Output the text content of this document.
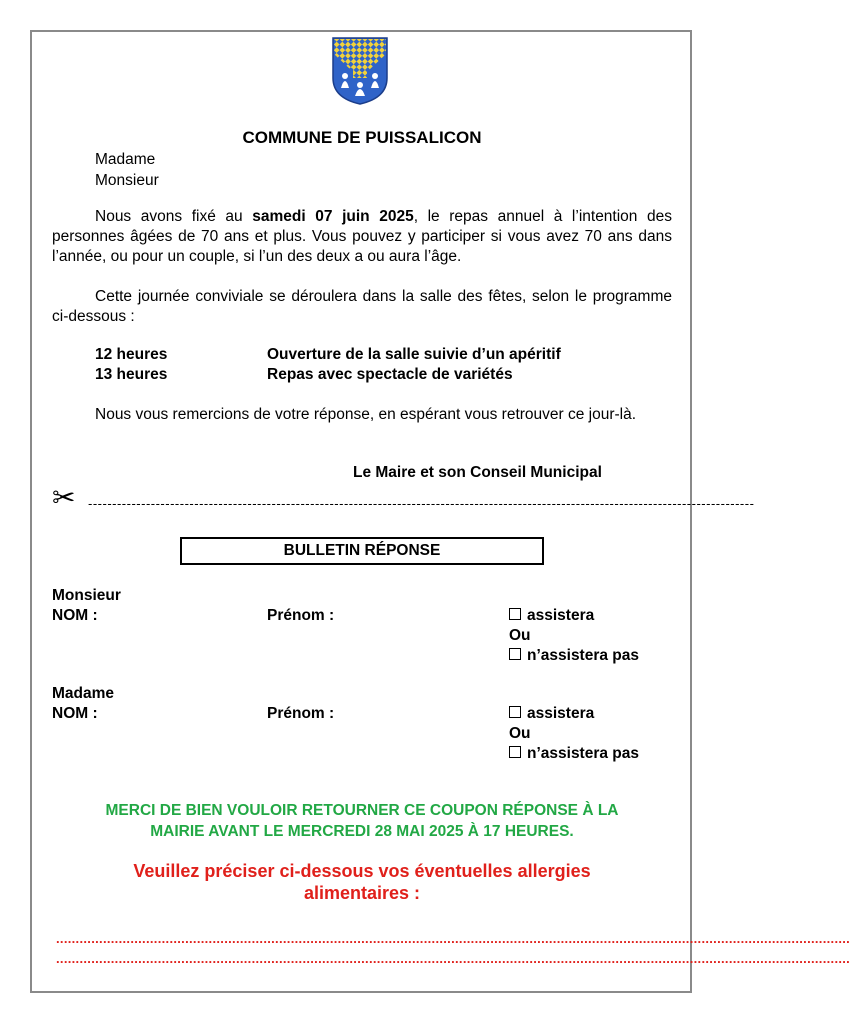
COMMUNE DE PUISSALICON
Madame
Monsieur
Nous avons fixé au samedi 07 juin 2025, le repas annuel à l’intention des personnes âgées de 70 ans et plus. Vous pouvez y participer si vous avez 70 ans dans l’année, ou pour un couple, si l’un des deux a ou aura l’âge.
Cette journée conviviale se déroulera dans la salle des fêtes, selon le programme ci-dessous :
12 heures	Ouverture de la salle suivie d’un apéritif
13 heures	Repas avec spectacle de variétés
Nous vous remercions de votre réponse, en espérant vous retrouver ce jour-là.
Le Maire et son Conseil Municipal
✂ ------------------------------------------------------------------------------------------------------------------------------------------
BULLETIN RÉPONSE
Monsieur
NOM :	Prénom :	assistera
Ou
n’assistera pas
Madame
NOM :	Prénom :	assistera
Ou
n’assistera pas
MERCI DE BIEN VOULOIR RETOURNER CE COUPON RÉPONSE À LA
MAIRIE AVANT LE MERCREDI 28 MAI 2025 À 17 HEURES.
Veuillez préciser ci-dessous vos éventuelles allergies
alimentaires :
...........................................................................................................................................................................................................
...........................................................................................................................................................................................................
